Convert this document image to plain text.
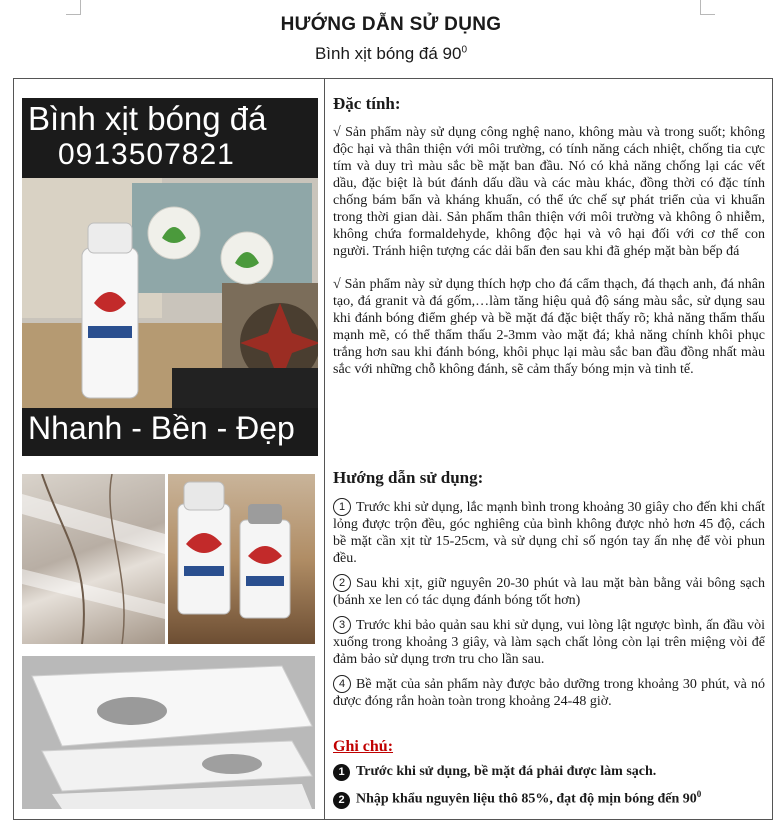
HƯỚNG DẪN SỬ DỤNG
Bình xịt bóng đá $90^0$
Bình xịt bóng đá
0913507821
Nhanh - Bền - Đẹp
Đặc tính:

√ Sản phẩm này sử dụng công nghệ nano, không màu và trong suốt; không độc hại và thân thiện với môi trường, có tính năng cách nhiệt, chống tia cực tím và duy trì màu sắc bề mặt ban đầu. Nó có khả năng chống lại các vết dầu, đặc biệt là bút đánh dấu dầu và các màu khác, đồng thời có đặc tính chống bám bẩn và kháng khuẩn, có thể ức chế sự phát triển của vi khuẩn trong thời gian dài. Sản phẩm thân thiện với môi trường và không ô nhiễm, không chứa formaldehyde, không độc hại và vô hại đối với cơ thể con người. Tránh hiện tượng các dải bẩn đen sau khi đã ghép mặt bàn bếp đá

√ Sản phẩm này sử dụng thích hợp cho đá cẩm thạch, đá thạch anh, đá nhân tạo, đá granit và đá gốm,…làm tăng hiệu quả độ sáng màu sắc, sử dụng sau khi đánh bóng điểm ghép và bề mặt đá đặc biệt thấy rõ; khả năng thẩm thấu mạnh mẽ, có thể thẩm thấu 2-3mm vào mặt đá; khả năng chính khôi phục trắng hơn sau khi đánh bóng, khôi phục lại màu sắc ban đầu đồng nhất màu sắc với những chỗ không đánh, sẽ cảm thấy bóng mịn và tinh tế.

Hướng dẫn sử dụng:

1 Trước khi sử dụng, lắc mạnh bình trong khoảng 30 giây cho đến khi chất lỏng được trộn đều, góc nghiêng của bình không được nhỏ hơn 45 độ, cách bề mặt cần xịt từ 15-25cm, và sử dụng chỉ số ngón tay ấn nhẹ để vòi phun đều.

2 Sau khi xịt, giữ nguyên 20-30 phút và lau mặt bàn bằng vải bông sạch (bánh xe len có tác dụng đánh bóng tốt hơn)

3 Trước khi bảo quản sau khi sử dụng, vui lòng lật ngược bình, ấn đầu vòi xuống trong khoảng 3 giây, và làm sạch chất lỏng còn lại trên miệng vòi để đảm bảo sử dụng trơn tru cho lần sau.

4 Bề mặt của sản phẩm này được bảo dưỡng trong khoảng 30 phút, và nó được đóng rắn hoàn toàn trong khoảng 24-48 giờ.

Ghi chú:
1 Trước khi sử dụng, bề mặt đá phải được làm sạch.
2 Nhập khẩu nguyên liệu thô 85%, đạt độ mịn bóng đến $90^0$
